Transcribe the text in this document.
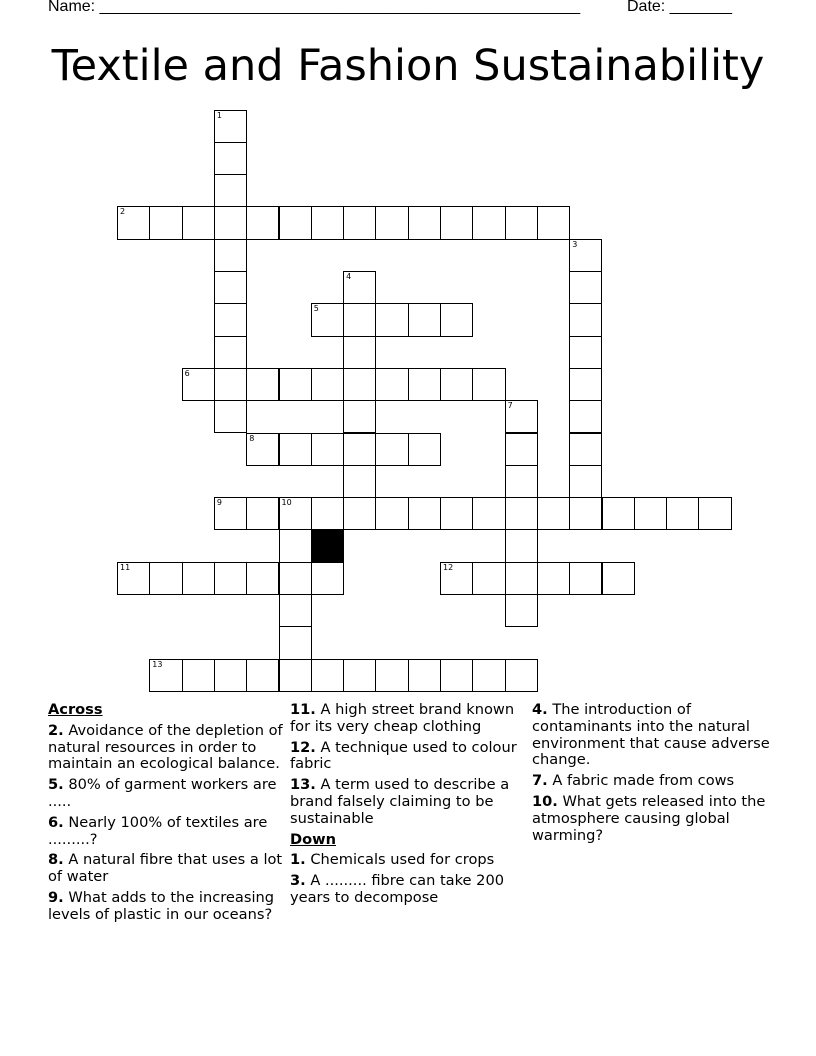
Name: ______________________________________________________	Date: _______
Textile and Fashion Sustainability
1
2
3
4
5
6
7
8
9	10
11	12
13

Across

2. Avoidance of the depletion of natural resources in order to maintain an ecological balance.

5. 80% of garment workers are .....

6. Nearly 100% of textiles are .........?

8. A natural fibre that uses a lot of water

9. What adds to the increasing levels of plastic in our oceans?

11. A high street brand known for its very cheap clothing

12. A technique used to colour fabric

13. A term used to describe a brand falsely claiming to be sustainable

Down

1. Chemicals used for crops

3. A ......... fibre can take 200 years to decompose

4. The introduction of contaminants into the natural environment that cause adverse change.

7. A fabric made from cows

10. What gets released into the atmosphere causing global warming?
